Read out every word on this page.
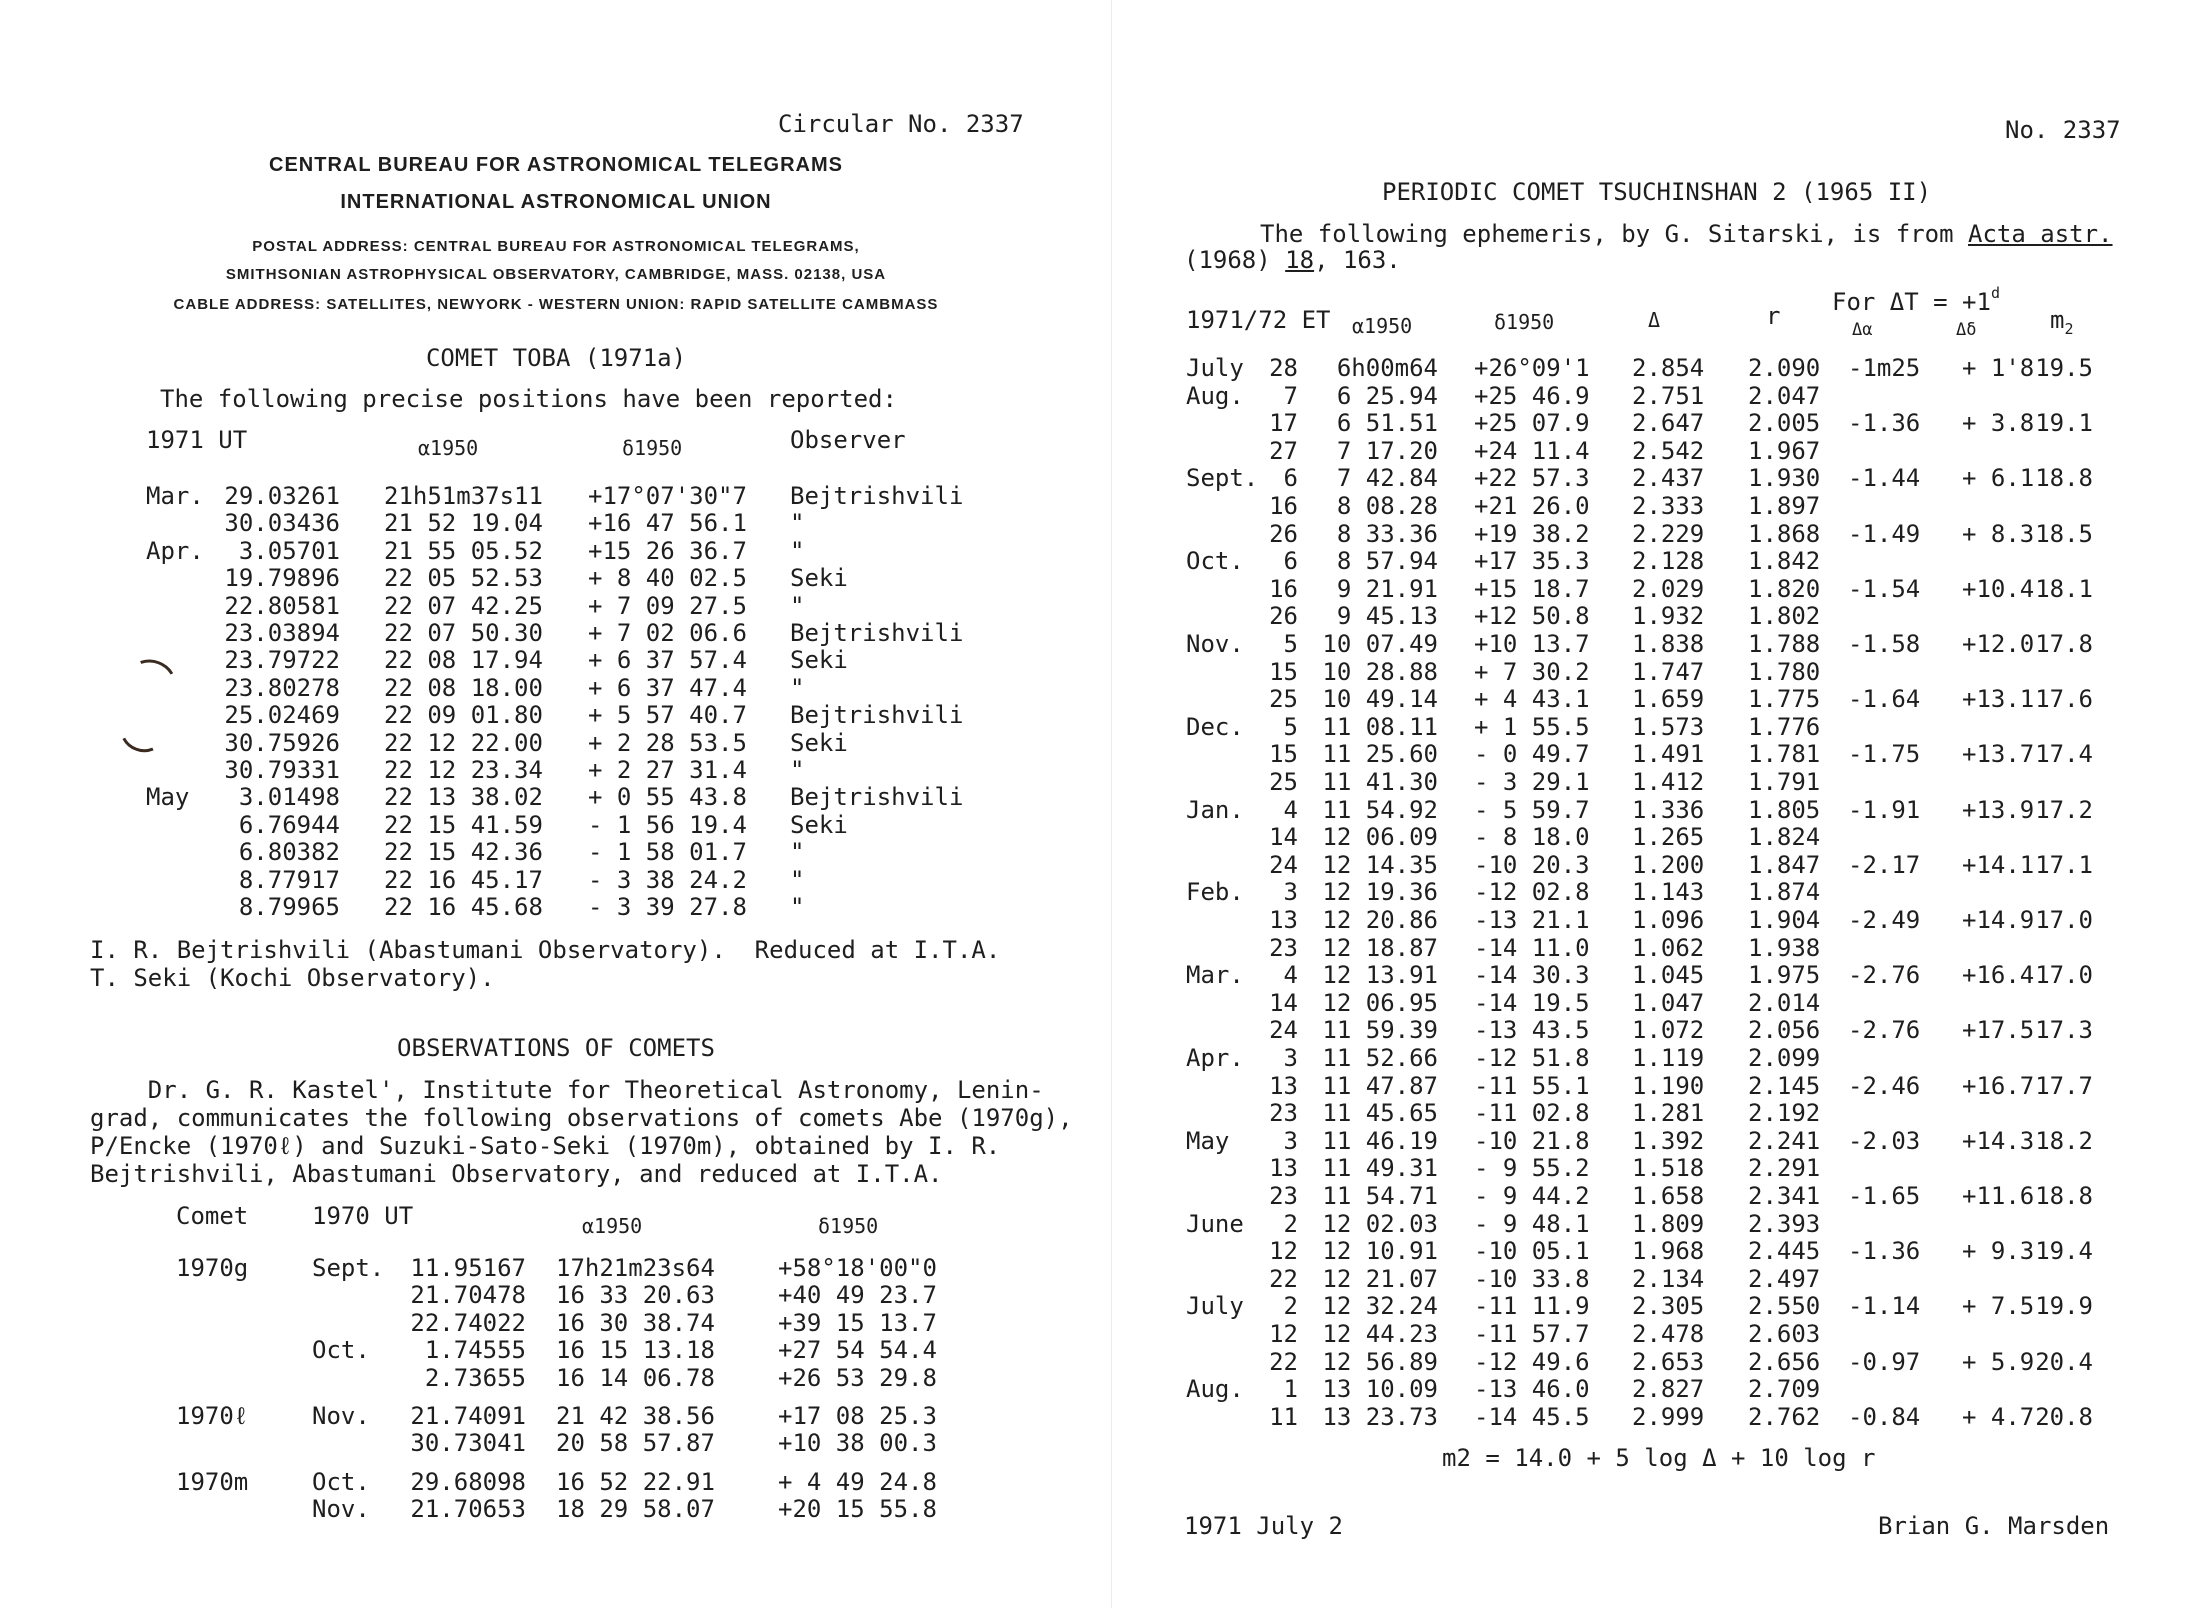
Circular No. 2337
CENTRAL BUREAU FOR ASTRONOMICAL TELEGRAMS
INTERNATIONAL ASTRONOMICAL UNION
POSTAL ADDRESS: CENTRAL BUREAU FOR ASTRONOMICAL TELEGRAMS,
SMITHSONIAN ASTROPHYSICAL OBSERVATORY, CAMBRIDGE, MASS. 02138, USA
CABLE ADDRESS: SATELLITES, NEWYORK - WESTERN UNION: RAPID SATELLITE CAMBMASS
COMET TOBA (1971a)
The following precise positions have been reported:
1971 UT	α1950	δ1950	Observer
Mar. 29.03261 21h51m37s11 +17°07'30"7 Bejtrishvili
30.03436 21 52 19.04 +16 47 56.1 "
Apr.	3.05701 21 55 05.52 +15 26 36.7 "
19.79896 22 05 52.53 + 8 40 02.5 Seki
22.80581 22 07 42.25 + 7 09 27.5 "
23.03894 22 07 50.30 + 7 02 06.6 Bejtrishvili
23.79722 22 08 17.94 + 6 37 57.4 Seki
23.80278 22 08 18.00 + 6 37 47.4 "
25.02469 22 09 01.80 + 5 57 40.7 Bejtrishvili
30.75926 22 12 22.00 + 2 28 53.5 Seki
30.79331 22 12 23.34 + 2 27 31.4 "
May	3.01498 22 13 38.02 + 0 55 43.8 Bejtrishvili
6.76944 22 15 41.59 - 1 56 19.4 Seki
6.80382 22 15 42.36 - 1 58 01.7 "
8.77917 22 16 45.17 - 3 38 24.2 "
8.79965 22 16 45.68 - 3 39 27.8 "
I. R. Bejtrishvili (Abastumani Observatory).  Reduced at I.T.A.
T. Seki (Kochi Observatory).
OBSERVATIONS OF COMETS
Dr. G. R. Kastel', Institute for Theoretical Astronomy, Lenin-
grad, communicates the following observations of comets Abe (1970g),
P/Encke (1970ℓ) and Suzuki-Sato-Seki (1970m), obtained by I. R.
Bejtrishvili, Abastumani Observatory, and reduced at I.T.A.
Comet	1970 UT	α1950	δ1950
1970g	Sept.	11.95167 17h21m23s64	+58°18'00"0
21.70478 16 33 20.63	+40 49 23.7
22.74022 16 30 38.74	+39 15 13.7
Oct.	1.74555 16 15 13.18	+27 54 54.4
2.73655 16 14 06.78	+26 53 29.8
1970ℓ	Nov.	21.74091 21 42 38.56	+17 08 25.3
30.73041 20 58 57.87	+10 38 00.3
1970m	Oct.	29.68098 16 52 22.91	+ 4 49 24.8
Nov.	21.70653 18 29 58.07	+20 15 55.8
No. 2337
PERIODIC COMET TSUCHINSHAN 2 (1965 II)
The following ephemeris, by G. Sitarski, is from Acta astr.
(1968) 18, 163.
1971/72 ET α1950	δ1950	Δ	r For $\Delta T = +1^d$
Δα	Δδ	$m_2$
July	28	6h00m64 +26°09'1 2.854 2.090 -1m25 + 1'8 19.5
Aug.	7	6 25.94 +25 46.9 2.751 2.047
17	6 51.51 +25 07.9 2.647 2.005 -1.36 + 3.8 19.1
27	7 17.20 +24 11.4 2.542 1.967
Sept.	6	7 42.84 +22 57.3 2.437 1.930 -1.44 + 6.1 18.8
16	8 08.28 +21 26.0 2.333 1.897
26	8 33.36 +19 38.2 2.229 1.868 -1.49 + 8.3 18.5
Oct.	6	8 57.94 +17 35.3 2.128 1.842
16	9 21.91 +15 18.7 2.029 1.820 -1.54 +10.4 18.1
26	9 45.13 +12 50.8 1.932 1.802
Nov.	5	10 07.49 +10 13.7 1.838 1.788 -1.58 +12.0 17.8
15	10 28.88 + 7 30.2 1.747 1.780
25	10 49.14 + 4 43.1 1.659 1.775 -1.64 +13.1 17.6
Dec.	5	11 08.11 + 1 55.5 1.573 1.776
15	11 25.60 - 0 49.7 1.491 1.781 -1.75 +13.7 17.4
25	11 41.30 - 3 29.1 1.412 1.791
Jan.	4	11 54.92 - 5 59.7 1.336 1.805 -1.91 +13.9 17.2
14	12 06.09 - 8 18.0 1.265 1.824
24	12 14.35 -10 20.3 1.200 1.847 -2.17 +14.1 17.1
Feb.	3	12 19.36 -12 02.8 1.143 1.874
13	12 20.86 -13 21.1 1.096 1.904 -2.49 +14.9 17.0
23	12 18.87 -14 11.0 1.062 1.938
Mar.	4	12 13.91 -14 30.3 1.045 1.975 -2.76 +16.4 17.0
14	12 06.95 -14 19.5 1.047 2.014
24	11 59.39 -13 43.5 1.072 2.056 -2.76 +17.5 17.3
Apr.	3	11 52.66 -12 51.8 1.119 2.099
13	11 47.87 -11 55.1 1.190 2.145 -2.46 +16.7 17.7
23	11 45.65 -11 02.8 1.281 2.192
May	3	11 46.19 -10 21.8 1.392 2.241 -2.03 +14.3 18.2
13	11 49.31 - 9 55.2 1.518 2.291
23	11 54.71 - 9 44.2 1.658 2.341 -1.65 +11.6 18.8
June	2	12 02.03 - 9 48.1 1.809 2.393
12	12 10.91 -10 05.1 1.968 2.445 -1.36 + 9.3 19.4
22	12 21.07 -10 33.8 2.134 2.497
July	2	12 32.24 -11 11.9 2.305 2.550 -1.14 + 7.5 19.9
12	12 44.23 -11 57.7 2.478 2.603
22	12 56.89 -12 49.6 2.653 2.656 -0.97 + 5.9 20.4
Aug.	1	13 10.09 -13 46.0 2.827 2.709
11	13 23.73 -14 45.5 2.999 2.762 -0.84 + 4.7 20.8
m2 = 14.0 + 5 log Δ + 10 log r
1971 July 2	Brian G. Marsden
